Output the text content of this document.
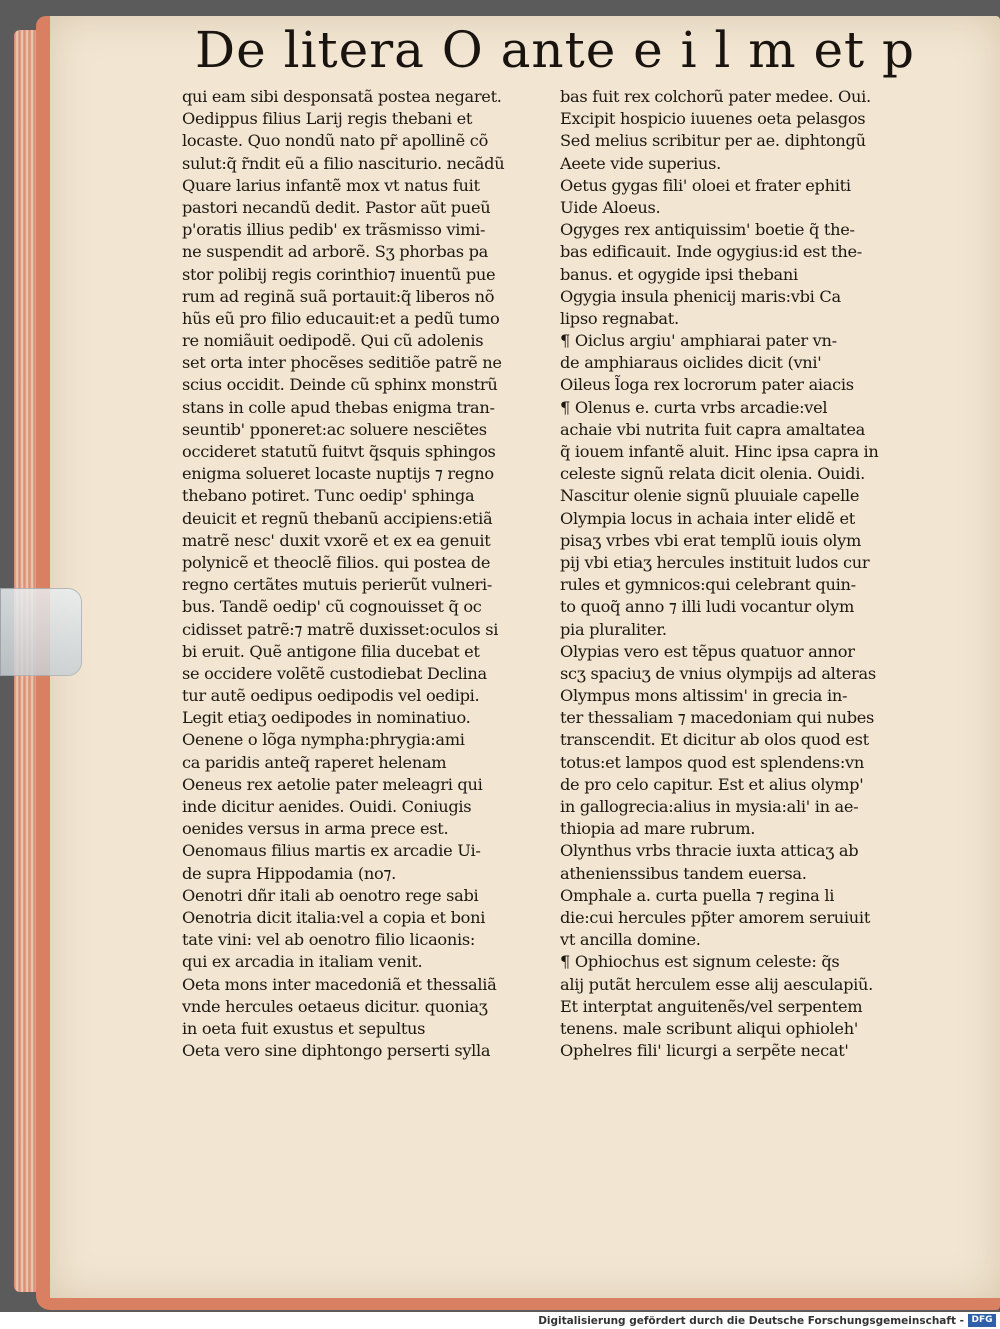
De litera O ante e i l m et p
qui eam sibi desponsatã postea negaret.
Oedippus filius Larij regis thebani et
locaste. Quo nondũ nato pr̃ apollinẽ cõ
sulut:q̃ r̃ndit eũ a filio nasciturio. necãdũ
Quare larius infantẽ mox vt natus fuit
pastori necandũ dedit. Pastor aũt pueũ
p'oratis illius pedib' ex trãsmisso vimi-
ne suspendit ad arborẽ. Sʒ phorbas pa
stor polibij regis corinthio⁊ inuentũ pue
rum ad reginã suã portauit:q̃ liberos nõ
hũs eũ pro filio educauit:et a pedũ tumo
re nomiãuit oedipodẽ. Qui cũ adolenis
set orta inter phocẽses seditiõe patrẽ ne
scius occidit. Deinde cũ sphinx monstrũ
stans in colle apud thebas enigma tran-
seuntib' pponeret:ac soluere nesciẽtes
occideret statutũ fuitvt q̃squis sphingos
enigma solueret locaste nuptijs ⁊ regno
thebano potiret. Tunc oedip' sphinga
deuicit et regnũ thebanũ accipiens:etiã
matrẽ nesc' duxit vxorẽ et ex ea genuit
polynicẽ et theoclẽ filios. qui postea de
regno certãtes mutuis perierũt vulneri-
bus. Tandẽ oedip' cũ cognouisset q̃ oc
cidisset patrẽ:⁊ matrẽ duxisset:oculos si
bi eruit. Quẽ antigone filia ducebat et
se occidere volẽtẽ custodiebat Declina
tur autẽ oedipus oedipodis vel oedipi.
Legit etiaʒ oedipodes in nominatiuo.
Oenene o lõga nympha:phrygia:ami
ca paridis anteq̃ raperet helenam
Oeneus rex aetolie pater meleagri qui
inde dicitur aenides. Ouidi. Coniugis
oenides versus in arma prece est.
Oenomaus filius martis ex arcadie Ui-
de supra Hippodamia (no⁊.
Oenotri dñr itali ab oenotro rege sabi
Oenotria dicit italia:vel a copia et boni
tate vini: vel ab oenotro filio licaonis:
qui ex arcadia in italiam venit.
Oeta mons inter macedoniã et thessaliã
vnde hercules oetaeus dicitur. quoniaʒ
in oeta fuit exustus et sepultus
Oeta vero sine diphtongo perserti sylla
bas fuit rex colchorũ pater medee. Oui.
Excipit hospicio iuuenes oeta pelasgos
Sed melius scribitur per ae. diphtongũ
Aeete vide superius.
Oetus gygas fili' oloei et frater ephiti
Uide Aloeus.
Ogyges rex antiquissim' boetie q̃ the-
bas edificauit. Inde ogygius:id est the-
banus. et ogygide ipsi thebani
Ogygia insula phenicij maris:vbi Ca
lipso regnabat.
¶ Oiclus argiu' amphiarai pater vn-
de amphiaraus oiclides dicit (vni'
Oileus l̃oga rex locrorum pater aiacis
¶ Olenus e. curta vrbs arcadie:vel
achaie vbi nutrita fuit capra amaltatea
q̃ iouem infantẽ aluit. Hinc ipsa capra in
celeste signũ relata dicit olenia. Ouidi.
Nascitur olenie signũ pluuiale capelle
Olympia locus in achaia inter elidẽ et
pisaʒ vrbes vbi erat templũ iouis olym
pij vbi etiaʒ hercules instituit ludos cur
rules et gymnicos:qui celebrant quin-
to quoq̃ anno ⁊ illi ludi vocantur olym
pia pluraliter.
Olypias vero est tẽpus quatuor annor
scʒ spaciuʒ de vnius olympijs ad alteras
Olympus mons altissim' in grecia in-
ter thessaliam ⁊ macedoniam qui nubes
transcendit. Et dicitur ab olos quod est
totus:et lampos quod est splendens:vn
de pro celo capitur. Est et alius olymp'
in gallogrecia:alius in mysia:ali' in ae-
thiopia ad mare rubrum.
Olynthus vrbs thracie iuxta atticaʒ ab
athenienssibus tandem euersa.
Omphale a. curta puella ⁊ regina li
die:cui hercules pp̃ter amorem seruiuit
vt ancilla domine.
¶ Ophiochus est signum celeste: q̃s
alij putãt herculem esse alij aesculapiũ.
Et interptat anguitenẽs/vel serpentem
tenens. male scribunt aliqui ophioleh'
Ophelres fili' licurgi a serpẽte necat'
Digitalisierung gefördert durch die Deutsche Forschungsgemeinschaft - DFG
